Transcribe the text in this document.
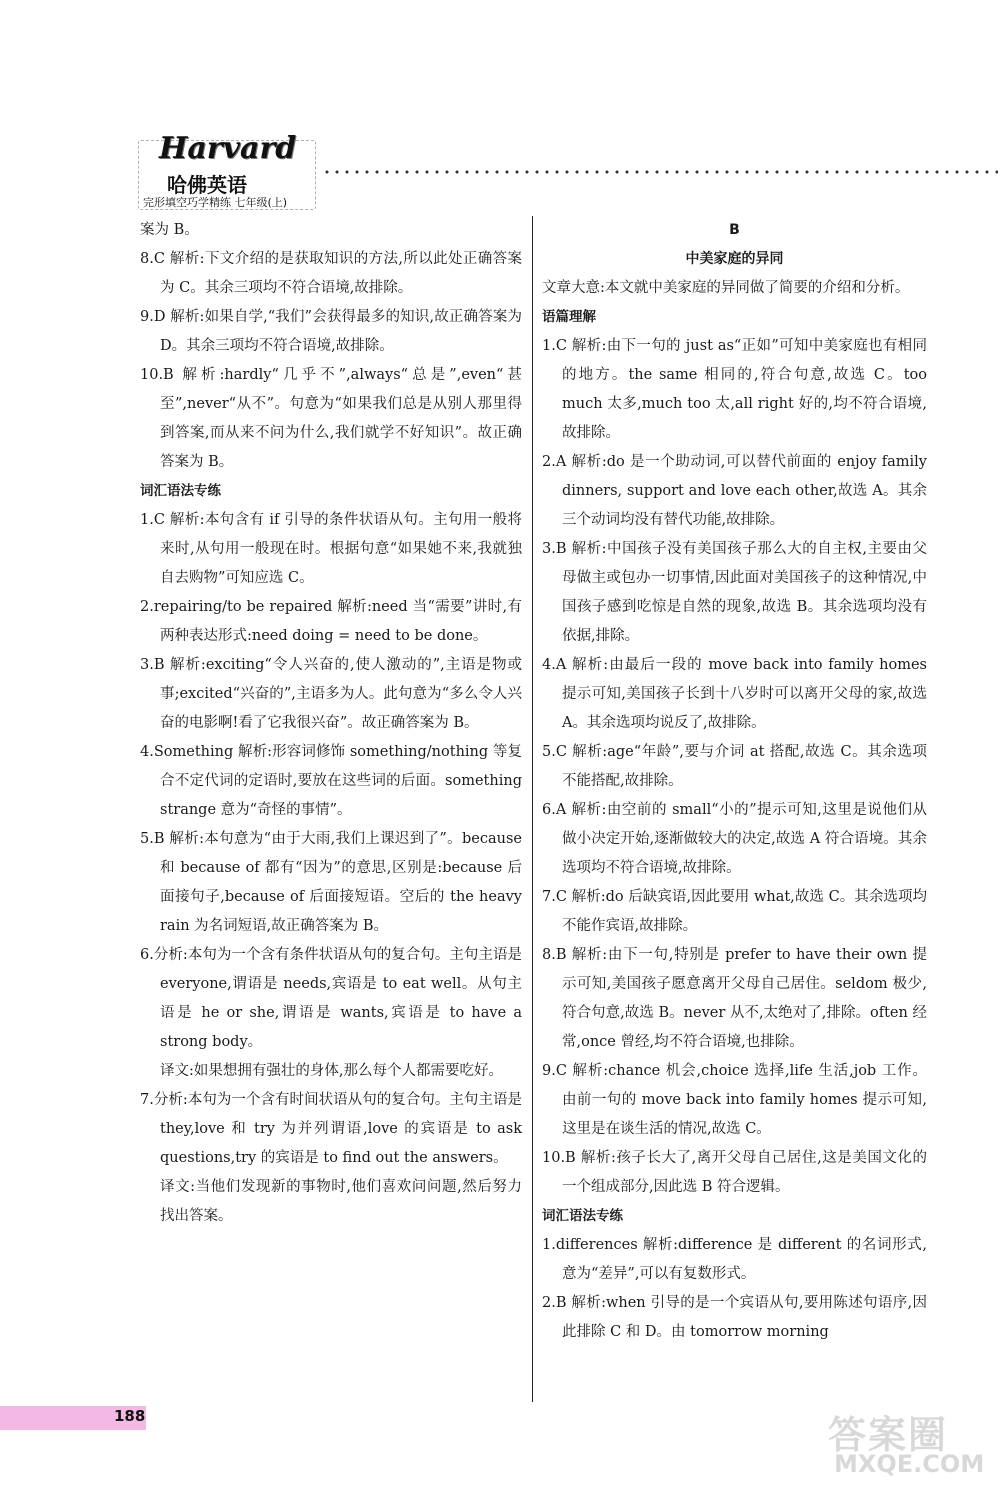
Harvard
哈佛英语
完形填空巧学精练 七年级(上)

案为 B。

8.C 解析:下文介绍的是获取知识的方法,所以此处正确答案为 C。其余三项均不符合语境,故排除。

9.D 解析:如果自学,“我们”会获得最多的知识,故正确答案为 D。其余三项均不符合语境,故排除。

10.B 解析:hardly“几乎不”,always“总是”,even“甚至”,never“从不”。句意为“如果我们总是从别人那里得到答案,而从来不问为什么,我们就学不好知识”。故正确答案为 B。

词汇语法专练

1.C 解析:本句含有 if 引导的条件状语从句。主句用一般将来时,从句用一般现在时。根据句意“如果她不来,我就独自去购物”可知应选 C。

2.repairing/to be repaired 解析:need 当“需要”讲时,有两种表达形式:need doing = need to be done。

3.B 解析:exciting“令人兴奋的,使人激动的”,主语是物或事;excited“兴奋的”,主语多为人。此句意为“多么令人兴奋的电影啊!看了它我很兴奋”。故正确答案为 B。

4.Something 解析:形容词修饰 something/nothing 等复合不定代词的定语时,要放在这些词的后面。something strange 意为“奇怪的事情”。

5.B 解析:本句意为“由于大雨,我们上课迟到了”。because 和 because of 都有“因为”的意思,区别是:because 后面接句子,because of 后面接短语。空后的 the heavy rain 为名词短语,故正确答案为 B。

6.分析:本句为一个含有条件状语从句的复合句。主句主语是 everyone,谓语是 needs,宾语是 to eat well。从句主语是 he or she,谓语是 wants,宾语是 to have a strong body。

译文:如果想拥有强壮的身体,那么每个人都需要吃好。

7.分析:本句为一个含有时间状语从句的复合句。主句主语是 they,love 和 try 为并列谓语,love 的宾语是 to ask questions,try 的宾语是 to find out the answers。

译文:当他们发现新的事物时,他们喜欢问问题,然后努力找出答案。

B

中美家庭的异同

文章大意:本文就中美家庭的异同做了简要的介绍和分析。

语篇理解

1.C 解析:由下一句的 just as“正如”可知中美家庭也有相同的地方。the same 相同的,符合句意,故选 C。too much 太多,much too 太,all right 好的,均不符合语境,故排除。

2.A 解析:do 是一个助动词,可以替代前面的 enjoy family dinners, support and love each other,故选 A。其余三个动词均没有替代功能,故排除。

3.B 解析:中国孩子没有美国孩子那么大的自主权,主要由父母做主或包办一切事情,因此面对美国孩子的这种情况,中国孩子感到吃惊是自然的现象,故选 B。其余选项均没有依据,排除。

4.A 解析:由最后一段的 move back into family homes 提示可知,美国孩子长到十八岁时可以离开父母的家,故选 A。其余选项均说反了,故排除。

5.C 解析:age“年龄”,要与介词 at 搭配,故选 C。其余选项不能搭配,故排除。

6.A 解析:由空前的 small“小的”提示可知,这里是说他们从做小决定开始,逐渐做较大的决定,故选 A 符合语境。其余选项均不符合语境,故排除。

7.C 解析:do 后缺宾语,因此要用 what,故选 C。其余选项均不能作宾语,故排除。

8.B 解析:由下一句,特别是 prefer to have their own 提示可知,美国孩子愿意离开父母自己居住。seldom 极少,符合句意,故选 B。never 从不,太绝对了,排除。often 经常,once 曾经,均不符合语境,也排除。

9.C 解析:chance 机会,choice 选择,life 生活,job 工作。由前一句的 move back into family homes 提示可知,这里是在谈生活的情况,故选 C。

10.B 解析:孩子长大了,离开父母自己居住,这是美国文化的一个组成部分,因此选 B 符合逻辑。

词汇语法专练

1.differences 解析:difference 是 different 的名词形式,意为“差异”,可以有复数形式。

2.B 解析:when 引导的是一个宾语从句,要用陈述句语序,因此排除 C 和 D。由 tomorrow morning

188	答案圈
MXQE.COM
